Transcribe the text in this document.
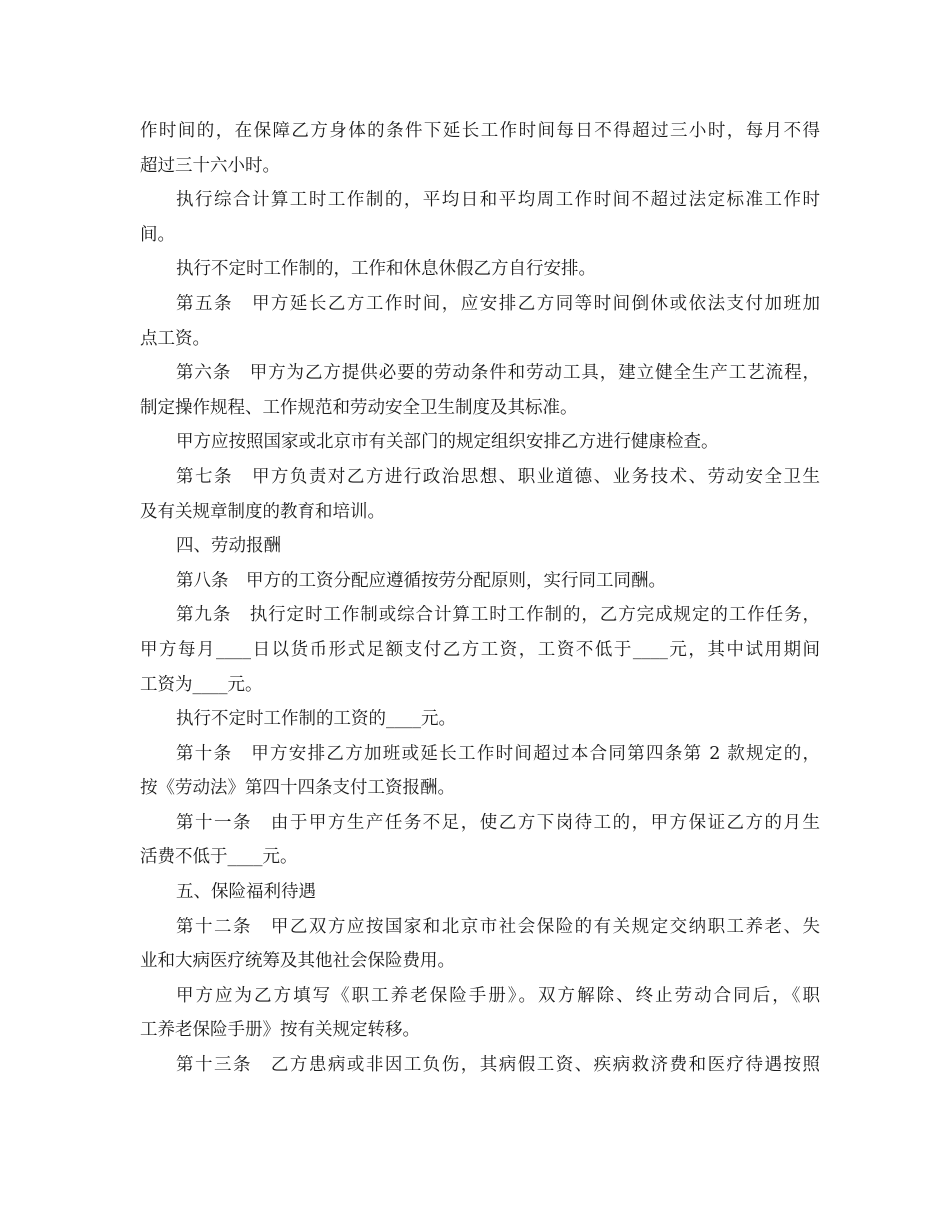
作时间的，在保障乙方身体的条件下延长工作时间每日不得超过三小时，每月不得
超过三十六小时。
执行综合计算工时工作制的，平均日和平均周工作时间不超过法定标准工作时
间。
执行不定时工作制的，工作和休息休假乙方自行安排。
第五条　甲方延长乙方工作时间，应安排乙方同等时间倒休或依法支付加班加
点工资。
第六条　甲方为乙方提供必要的劳动条件和劳动工具，建立健全生产工艺流程，
制定操作规程、工作规范和劳动安全卫生制度及其标准。
甲方应按照国家或北京市有关部门的规定组织安排乙方进行健康检查。
第七条　甲方负责对乙方进行政治思想、职业道德、业务技术、劳动安全卫生
及有关规章制度的教育和培训。
四、劳动报酬
第八条　甲方的工资分配应遵循按劳分配原则，实行同工同酬。
第九条　执行定时工作制或综合计算工时工作制的，乙方完成规定的工作任务，
甲方每月____日以货币形式足额支付乙方工资，工资不低于____元，其中试用期间
工资为____元。
执行不定时工作制的工资的____元。
第十条　甲方安排乙方加班或延长工作时间超过本合同第四条第 2 款规定的，
按《劳动法》第四十四条支付工资报酬。
第十一条　由于甲方生产任务不足，使乙方下岗待工的，甲方保证乙方的月生
活费不低于____元。
五、保险福利待遇
第十二条　甲乙双方应按国家和北京市社会保险的有关规定交纳职工养老、失
业和大病医疗统筹及其他社会保险费用。
甲方应为乙方填写《职工养老保险手册》。双方解除、终止劳动合同后，《职
工养老保险手册》按有关规定转移。
第十三条　乙方患病或非因工负伤，其病假工资、疾病救济费和医疗待遇按照
